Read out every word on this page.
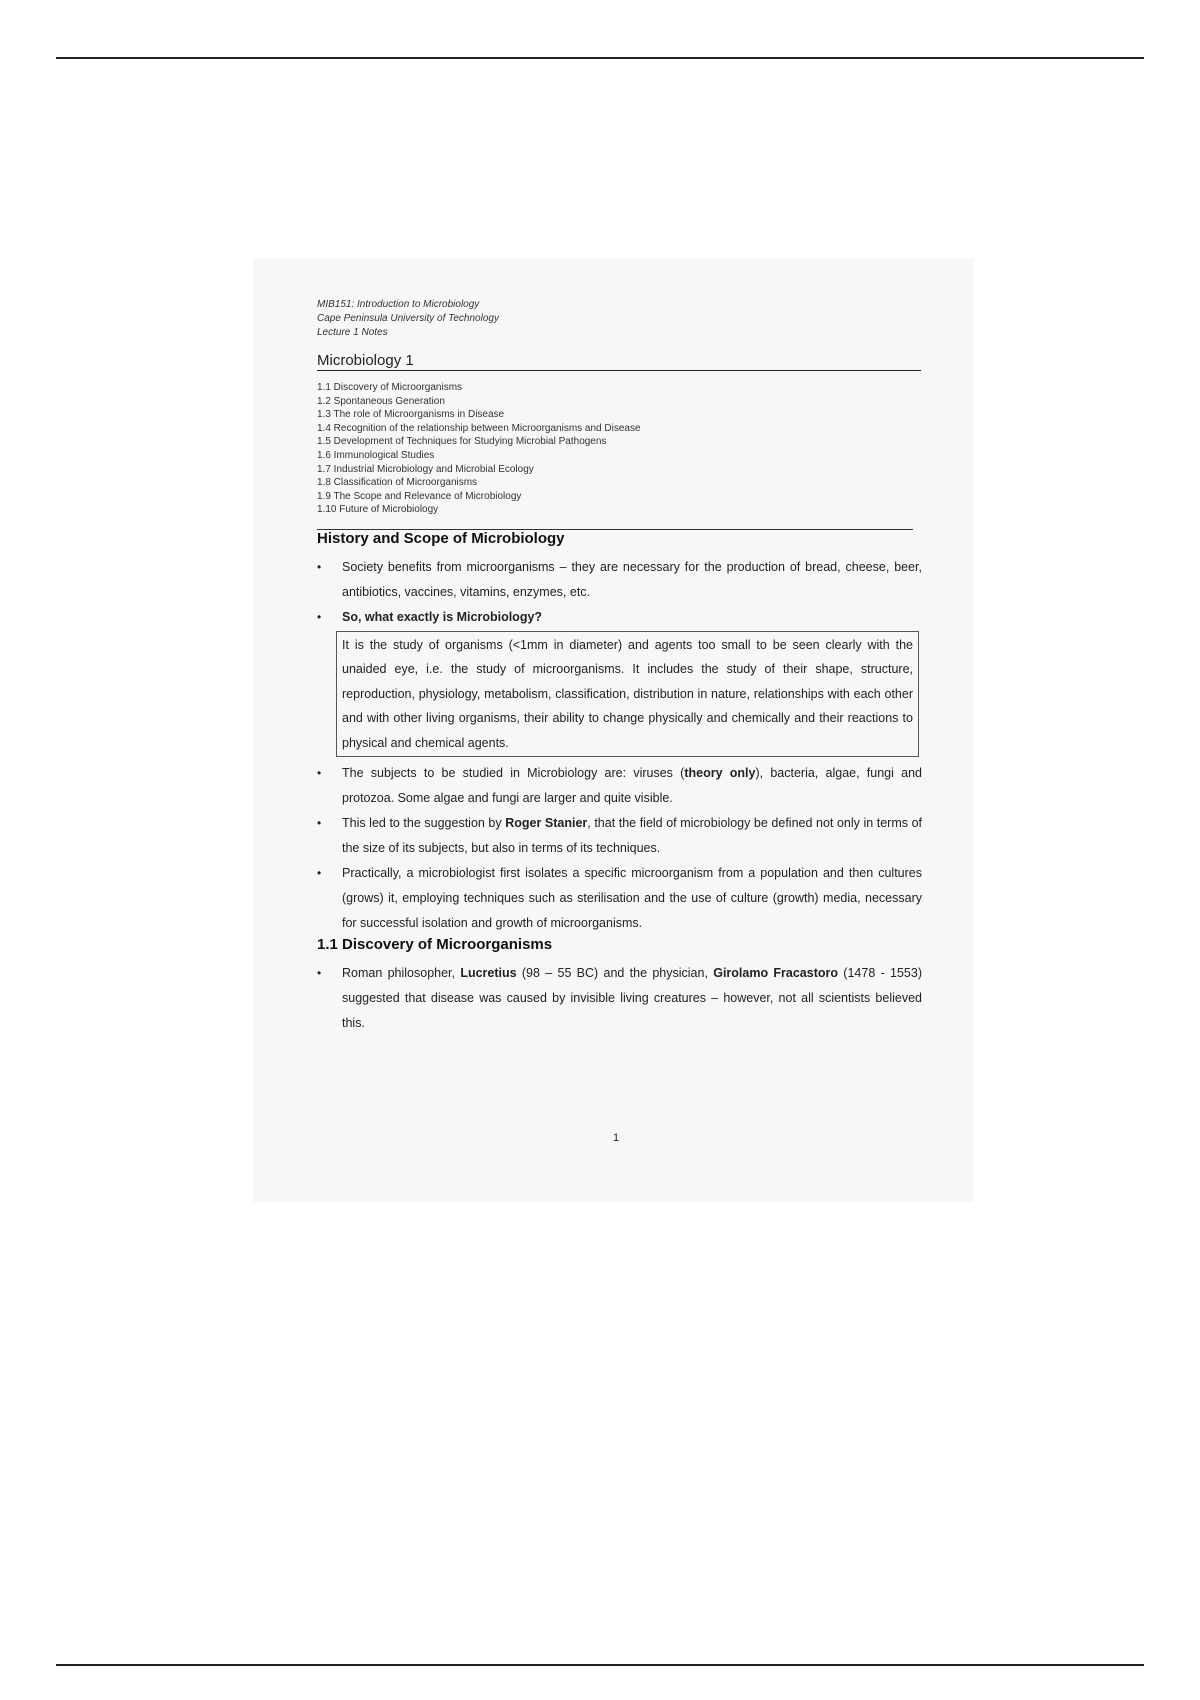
MIB151: Introduction to Microbiology
Cape Peninsula University of Technology
Lecture 1 Notes
Microbiology 1
1.1 Discovery of Microorganisms
1.2 Spontaneous Generation
1.3 The role of Microorganisms in Disease
1.4 Recognition of the relationship between Microorganisms and Disease
1.5 Development of Techniques for Studying Microbial Pathogens
1.6 Immunological Studies
1.7 Industrial Microbiology and Microbial Ecology
1.8 Classification of Microorganisms
1.9 The Scope and Relevance of Microbiology
1.10 Future of Microbiology
History and Scope of Microbiology
• Society benefits from microorganisms – they are necessary for the production of bread, cheese, beer, antibiotics, vaccines, vitamins, enzymes, etc.
• So, what exactly is Microbiology?
It is the study of organisms (<1mm in diameter) and agents too small to be seen clearly with the unaided eye, i.e. the study of microorganisms. It includes the study of their shape, structure, reproduction, physiology, metabolism, classification, distribution in nature, relationships with each other and with other living organisms, their ability to change physically and chemically and their reactions to physical and chemical agents.
• The subjects to be studied in Microbiology are: viruses (theory only), bacteria, algae, fungi and protozoa. Some algae and fungi are larger and quite visible.
• This led to the suggestion by Roger Stanier, that the field of microbiology be defined not only in terms of the size of its subjects, but also in terms of its techniques.
• Practically, a microbiologist first isolates a specific microorganism from a population and then cultures (grows) it, employing techniques such as sterilisation and the use of culture (growth) media, necessary for successful isolation and growth of microorganisms.
1.1 Discovery of Microorganisms
• Roman philosopher, Lucretius (98 – 55 BC) and the physician, Girolamo Fracastoro (1478 - 1553) suggested that disease was caused by invisible living creatures – however, not all scientists believed this.
1
